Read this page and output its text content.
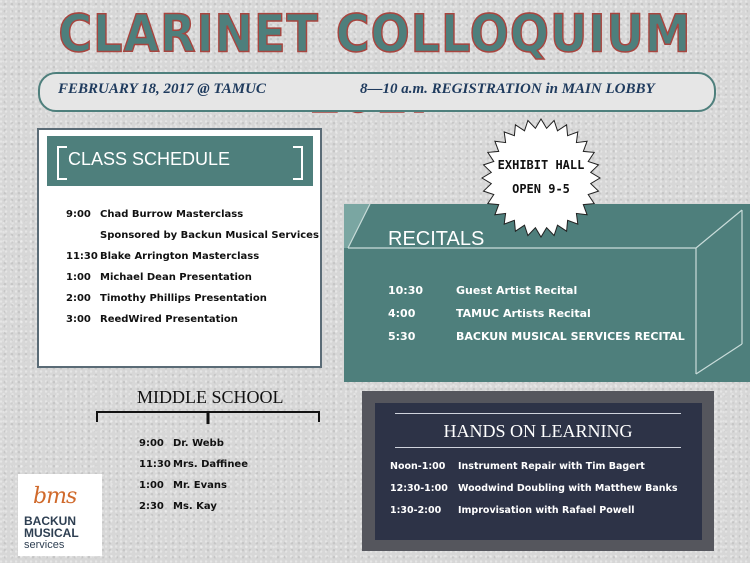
CLARINET COLLOQUIUM
FEBRUARY 18, 2017 @ TAMUC	8—10 a.m. REGISTRATION in MAIN LOBBY
CLASS SCHEDULE
9:00 Chad Burrow Masterclass
Sponsored by Backun Musical Services
11:30 Blake Arrington Masterclass
1:00 Michael Dean Presentation
2:00 Timothy Phillips Presentation
3:00 ReedWired Presentation
RECITALS
10:30	Guest Artist Recital
4:00	TAMUC Artists Recital
5:30	BACKUN MUSICAL SERVICES RECITAL
EXHIBIT HALL
OPEN 9-5
MIDDLE SCHOOL
9:00 Dr. Webb
11:30 Mrs. Daffinee
1:00 Mr. Evans
2:30 Ms. Kay
HANDS ON LEARNING
Noon-1:00 Instrument Repair with Tim Bagert
12:30-1:00 Woodwind Doubling with Matthew Banks
1:30-2:00 Improvisation with Rafael Powell
bms
BACKUN
MUSICAL
services
